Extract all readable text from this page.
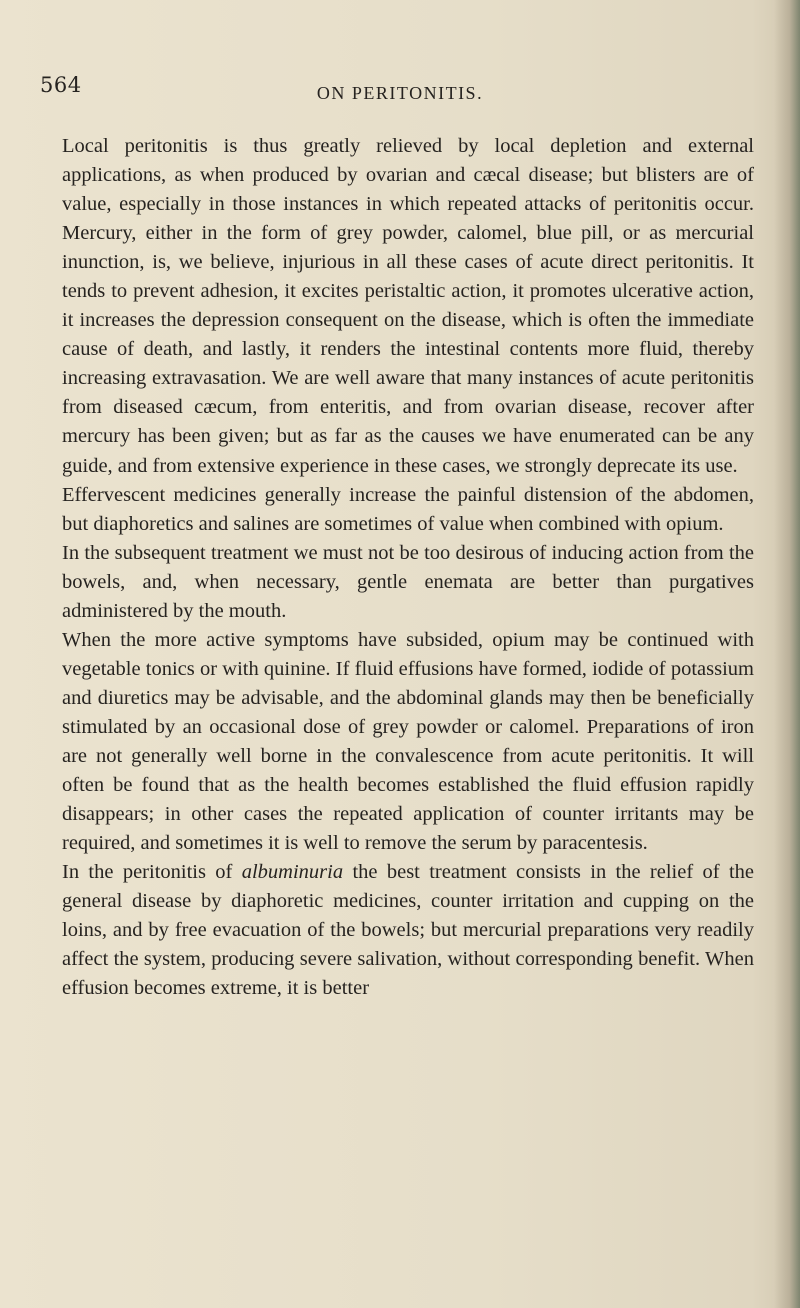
564	ON PERITONITIS.

Local peritonitis is thus greatly relieved by local depletion and external applications, as when produced by ovarian and cæcal disease; but blisters are of value, especially in those instances in which repeated attacks of peritonitis occur. Mercury, either in the form of grey powder, calomel, blue pill, or as mercurial inunction, is, we believe, injurious in all these cases of acute direct peritonitis. It tends to prevent adhesion, it excites peristaltic action, it promotes ulcerative action, it increases the depression consequent on the disease, which is often the immediate cause of death, and lastly, it renders the intestinal contents more fluid, thereby increasing extravasation. We are well aware that many instances of acute peritonitis from diseased cæcum, from enteritis, and from ovarian disease, recover after mercury has been given; but as far as the causes we have enumerated can be any guide, and from extensive experience in these cases, we strongly deprecate its use.

Effervescent medicines generally increase the painful distension of the abdomen, but diaphoretics and salines are sometimes of value when combined with opium.

In the subsequent treatment we must not be too desirous of inducing action from the bowels, and, when necessary, gentle enemata are better than purgatives administered by the mouth.

When the more active symptoms have subsided, opium may be continued with vegetable tonics or with quinine. If fluid effusions have formed, iodide of potassium and diuretics may be advisable, and the abdominal glands may then be beneficially stimulated by an occasional dose of grey powder or calomel. Preparations of iron are not generally well borne in the convalescence from acute peritonitis. It will often be found that as the health becomes established the fluid effusion rapidly disappears; in other cases the repeated application of counter irritants may be required, and sometimes it is well to remove the serum by paracentesis.

In the peritonitis of albuminuria the best treatment consists in the relief of the general disease by diaphoretic medicines, counter irritation and cupping on the loins, and by free evacuation of the bowels; but mercurial preparations very readily affect the system, producing severe salivation, without corresponding benefit. When effusion becomes extreme, it is better
